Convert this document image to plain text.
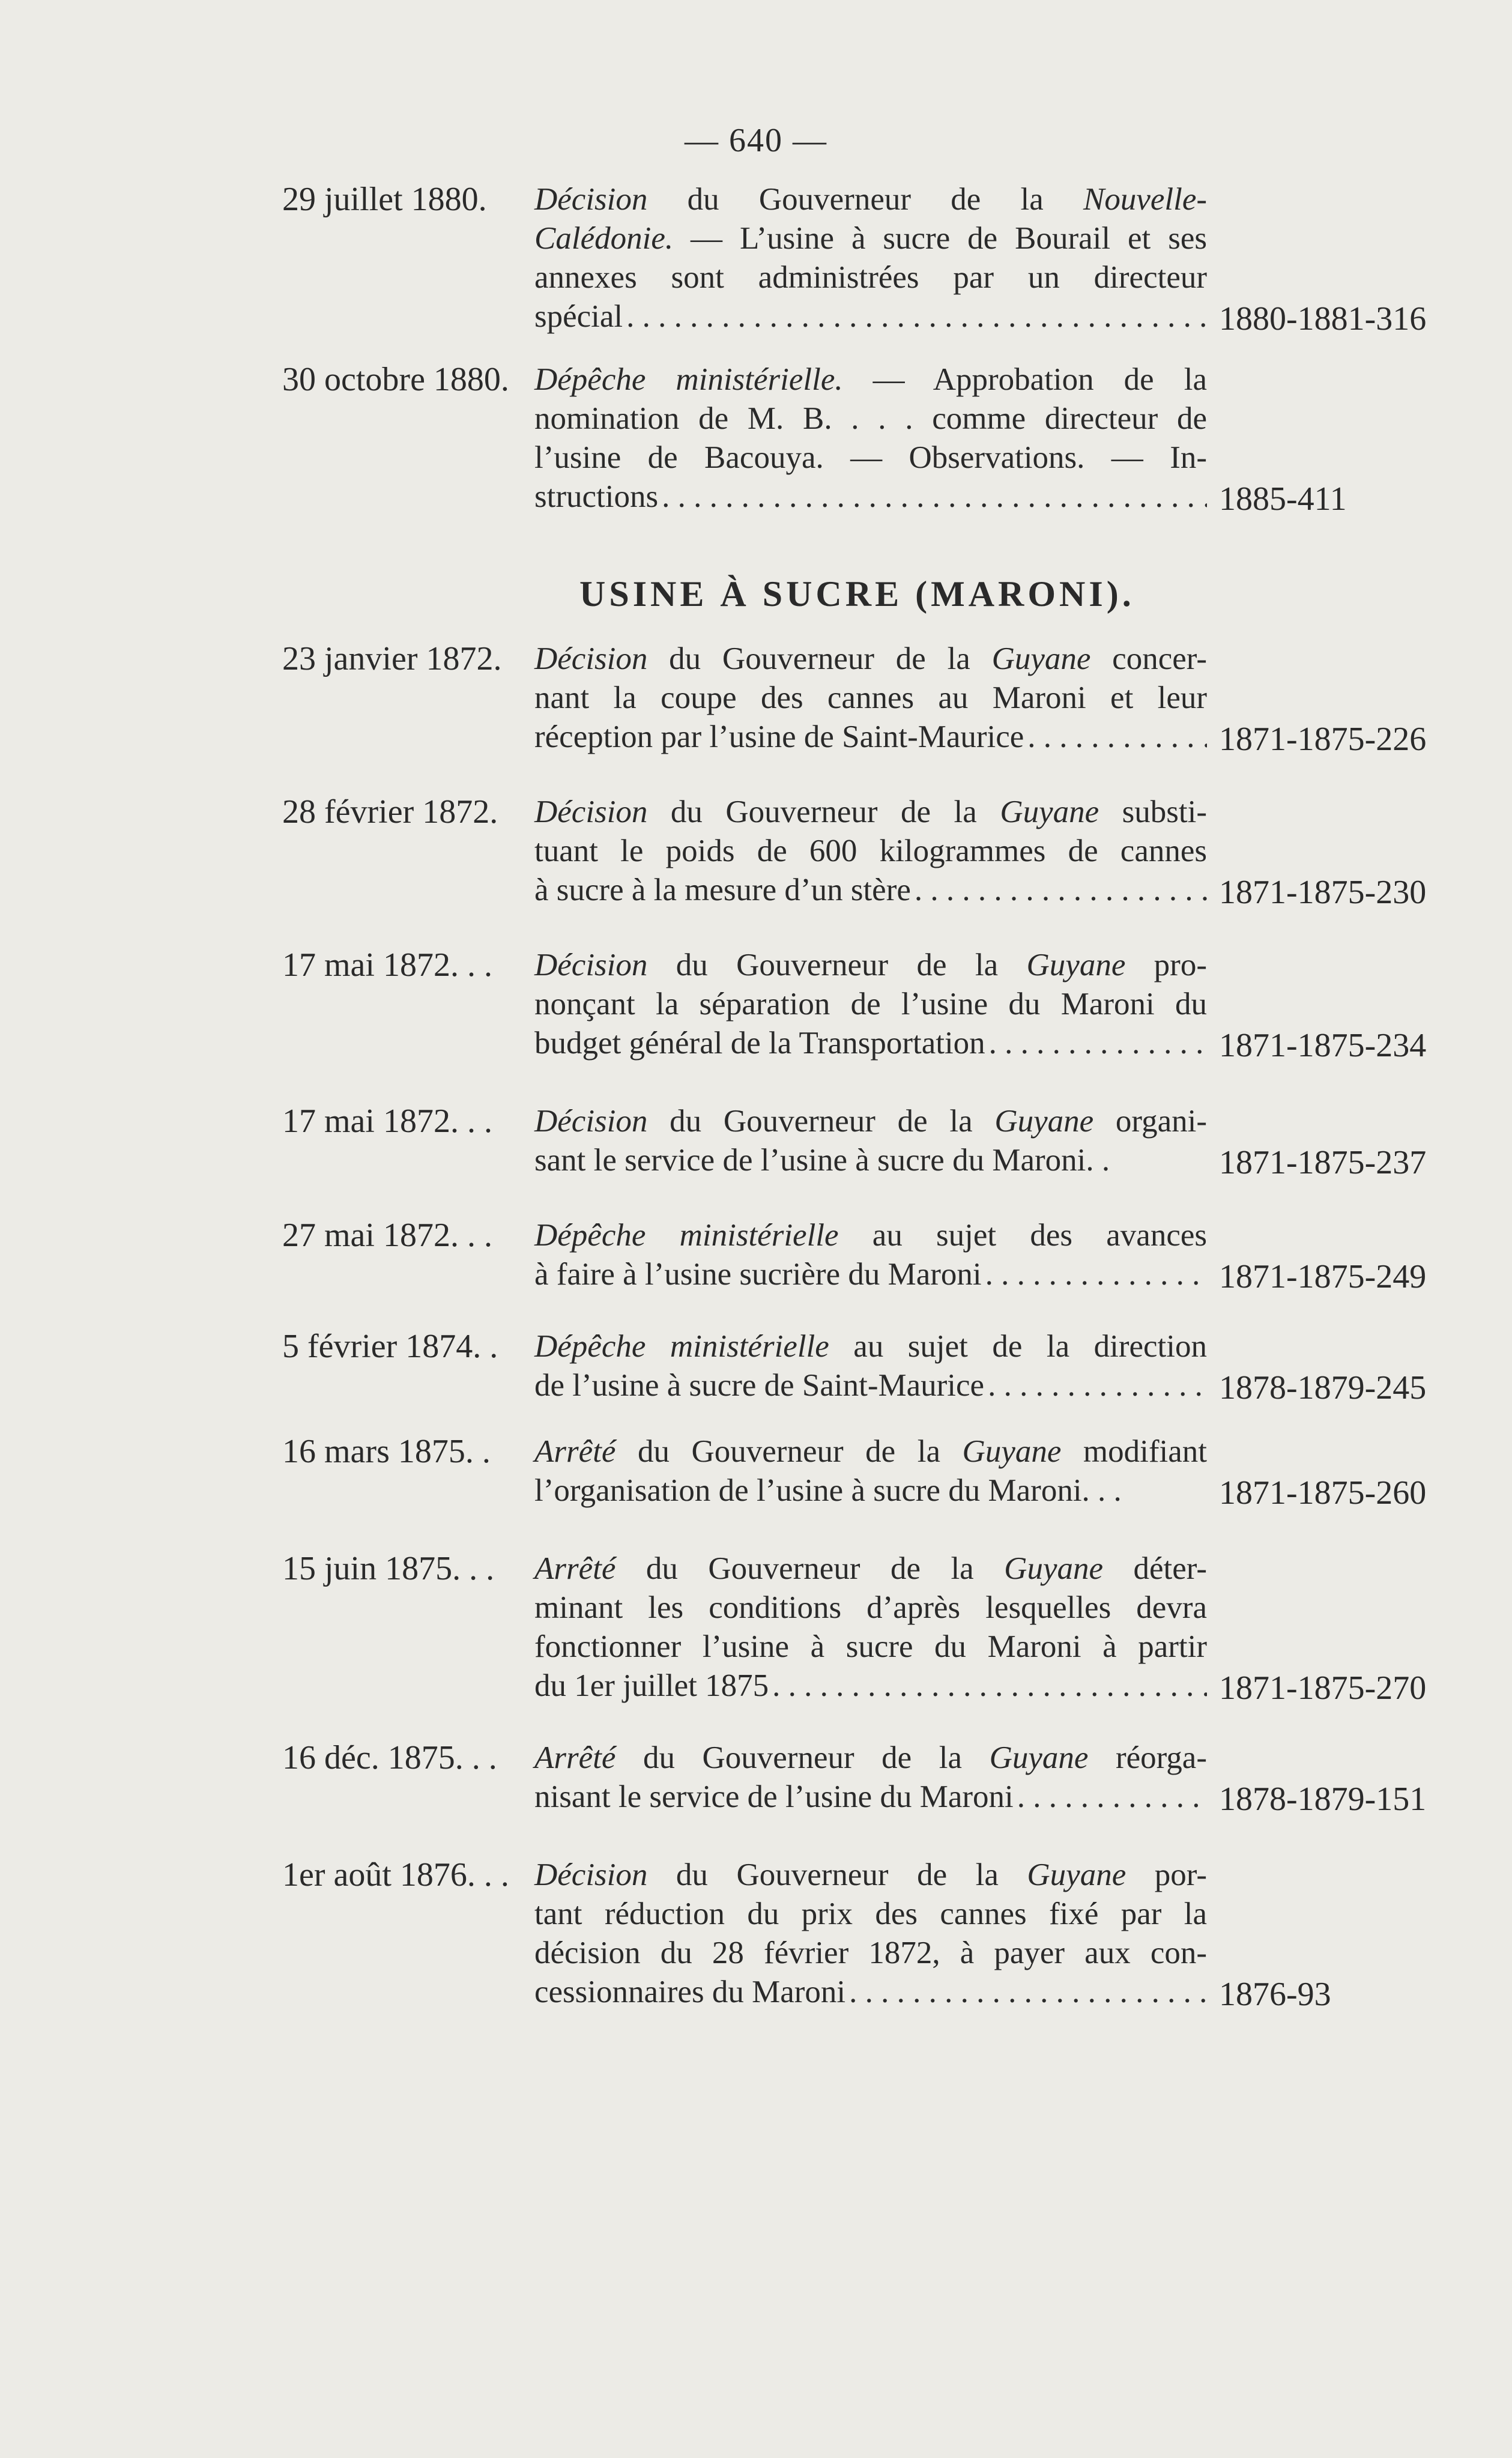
— 640 —
29 juillet 1880.	Décision du Gouverneur de la Nouvelle-
Calédonie. — L’usine à sucre de Bourail et ses
annexes sont administrées par un directeur
spécial . . .	1880-1881-316
30 octobre 1880. Dépêche ministérielle. — Approbation de la
nomination de M. B. . . . comme directeur de
l’usine de Bacouya. — Observations. — In-
structions . . .	1885-411
USINE À SUCRE (MARONI).
23 janvier 1872.	Décision du Gouverneur de la Guyane concer-
nant la coupe des cannes au Maroni et leur
réception par l’usine de Saint-Maurice . . .	1871-1875-226
28 février 1872.	Décision du Gouverneur de la Guyane substi-
tuant le poids de 600 kilogrammes de cannes
à sucre à la mesure d’un stère . . .	1871-1875-230
17 mai 1872. . .	Décision du Gouverneur de la Guyane pro-
nonçant la séparation de l’usine du Maroni du
budget général de la Transportation . . .	1871-1875-234
17 mai 1872. . .	Décision du Gouverneur de la Guyane organi-
sant le service de l’usine à sucre du Maroni. .	1871-1875-237
27 mai 1872. . .	Dépêche ministérielle au sujet des avances
à faire à l’usine sucrière du Maroni . . .	1871-1875-249
5 février 1874. .	Dépêche ministérielle au sujet de la direction
de l’usine à sucre de Saint-Maurice . . .	1878-1879-245
16 mars 1875. .	Arrêté du Gouverneur de la Guyane modifiant
l’organisation de l’usine à sucre du Maroni. . .	1871-1875-260
15 juin 1875. . .	Arrêté du Gouverneur de la Guyane déter-
minant les conditions d’après lesquelles devra
fonctionner l’usine à sucre du Maroni à partir
du 1er juillet 1875 . . .	1871-1875-270
16 déc. 1875. . .	Arrêté du Gouverneur de la Guyane réorga-
nisant le service de l’usine du Maroni . . .	1878-1879-151
1er août 1876. . . Décision du Gouverneur de la Guyane por-
tant réduction du prix des cannes fixé par la
décision du 28 février 1872, à payer aux con-
cessionnaires du Maroni . . .	1876-93
